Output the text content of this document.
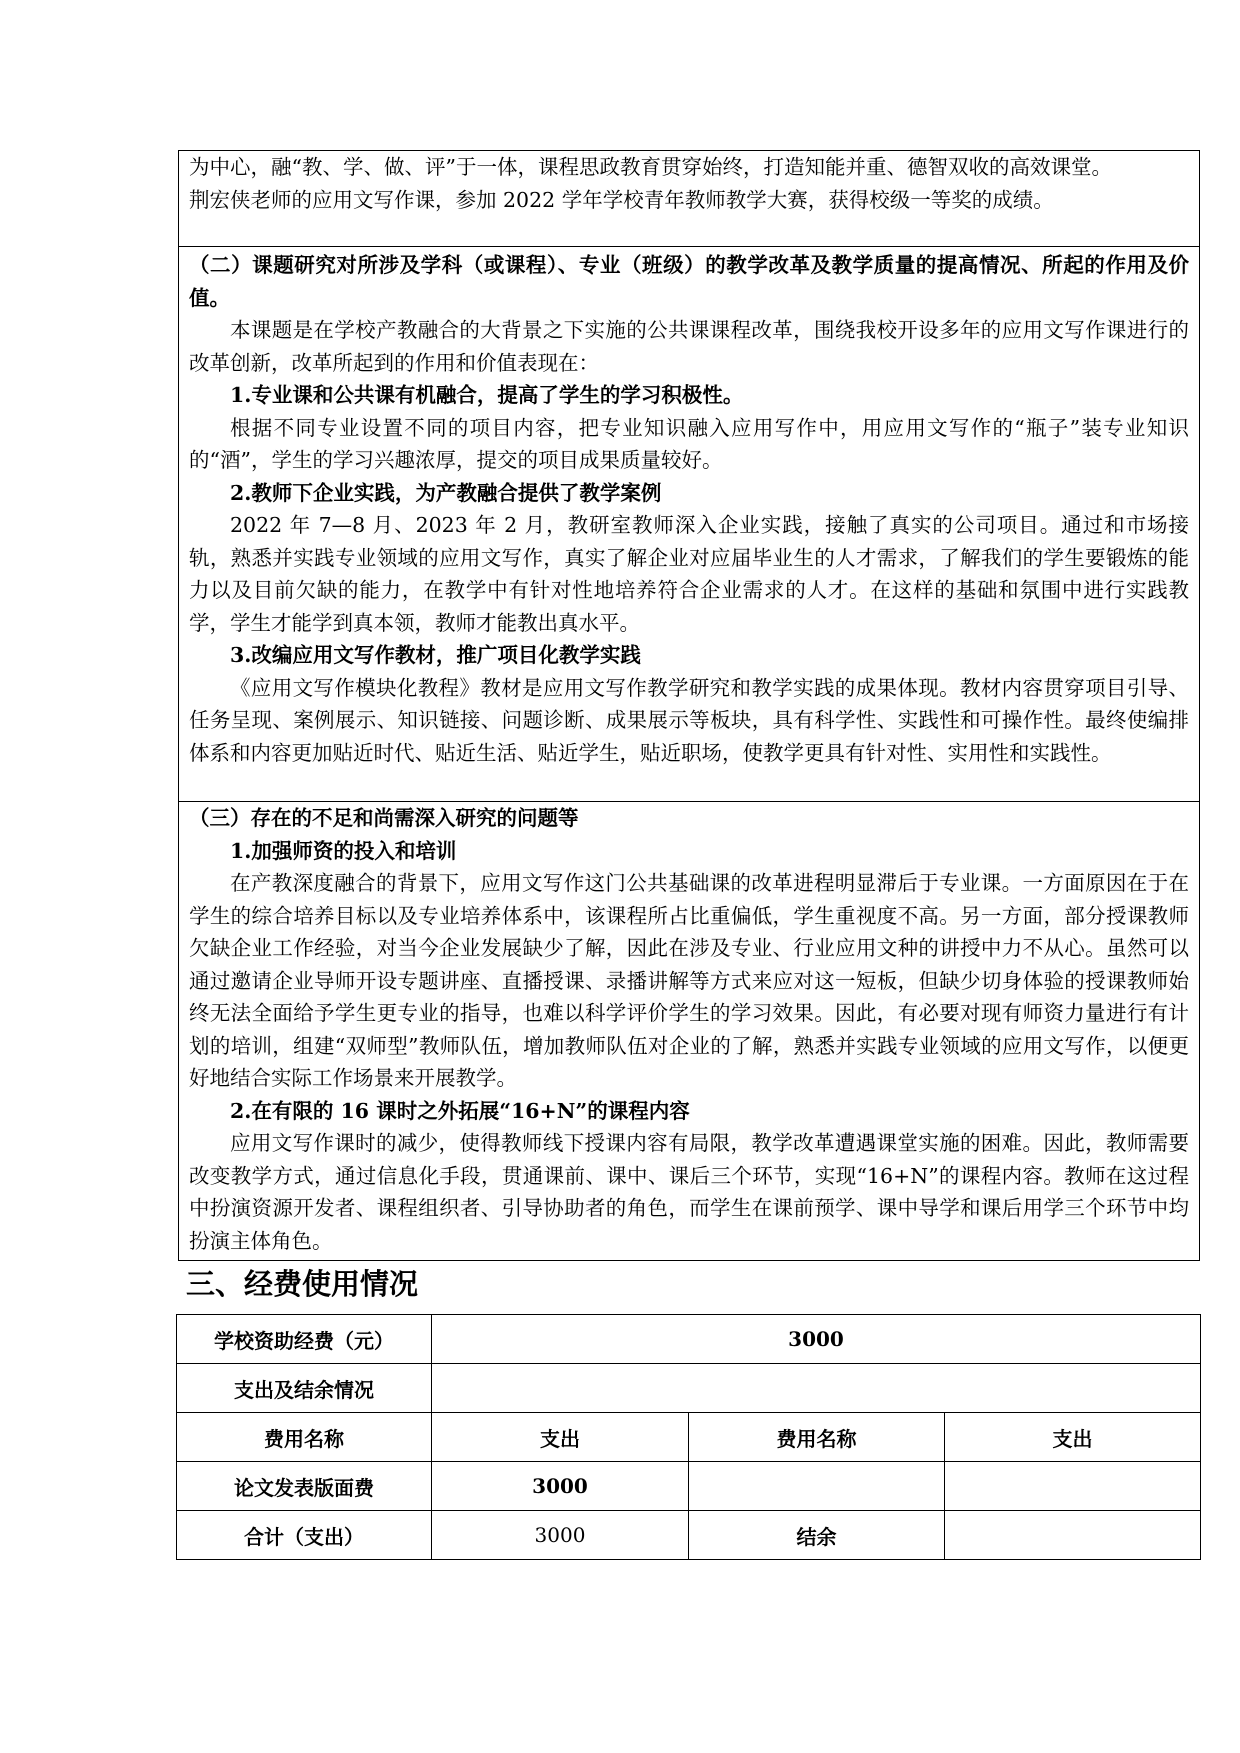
为中心，融“教、学、做、评”于一体，课程思政教育贯穿始终，打造知能并重、德智双收的高效课堂。

荆宏侠老师的应用文写作课，参加 2022 学年学校青年教师教学大赛，获得校级一等奖的成绩。

（二）课题研究对所涉及学科（或课程）、专业（班级）的教学改革及教学质量的提高情况、所起的作用及价值。

本课题是在学校产教融合的大背景之下实施的公共课课程改革，围绕我校开设多年的应用文写作课进行的改革创新，改革所起到的作用和价值表现在：

1.专业课和公共课有机融合，提高了学生的学习积极性。

根据不同专业设置不同的项目内容，把专业知识融入应用写作中，用应用文写作的“瓶子”装专业知识的“酒”，学生的学习兴趣浓厚，提交的项目成果质量较好。

2.教师下企业实践，为产教融合提供了教学案例

2022 年 7—8 月、2023 年 2 月，教研室教师深入企业实践，接触了真实的公司项目。通过和市场接轨，熟悉并实践专业领域的应用文写作，真实了解企业对应届毕业生的人才需求，了解我们的学生要锻炼的能力以及目前欠缺的能力，在教学中有针对性地培养符合企业需求的人才。在这样的基础和氛围中进行实践教学，学生才能学到真本领，教师才能教出真水平。

3.改编应用文写作教材，推广项目化教学实践

《应用文写作模块化教程》教材是应用文写作教学研究和教学实践的成果体现。教材内容贯穿项目引导、任务呈现、案例展示、知识链接、问题诊断、成果展示等板块，具有科学性、实践性和可操作性。最终使编排体系和内容更加贴近时代、贴近生活、贴近学生，贴近职场，使教学更具有针对性、实用性和实践性。

（三）存在的不足和尚需深入研究的问题等

1.加强师资的投入和培训

在产教深度融合的背景下，应用文写作这门公共基础课的改革进程明显滞后于专业课。一方面原因在于在学生的综合培养目标以及专业培养体系中，该课程所占比重偏低，学生重视度不高。另一方面，部分授课教师欠缺企业工作经验，对当今企业发展缺少了解，因此在涉及专业、行业应用文种的讲授中力不从心。虽然可以通过邀请企业导师开设专题讲座、直播授课、录播讲解等方式来应对这一短板，但缺少切身体验的授课教师始终无法全面给予学生更专业的指导，也难以科学评价学生的学习效果。因此，有必要对现有师资力量进行有计划的培训，组建“双师型”教师队伍，增加教师队伍对企业的了解，熟悉并实践专业领域的应用文写作，以便更好地结合实际工作场景来开展教学。

2.在有限的 16 课时之外拓展“16+N”的课程内容

应用文写作课时的减少，使得教师线下授课内容有局限，教学改革遭遇课堂实施的困难。因此，教师需要改变教学方式，通过信息化手段，贯通课前、课中、课后三个环节，实现“16+N”的课程内容。教师在这过程中扮演资源开发者、课程组织者、引导协助者的角色，而学生在课前预学、课中导学和课后用学三个环节中均扮演主体角色。

三、经费使用情况
学校资助经费（元）	3000		
支出及结余情况			
费用名称	支出	费用名称	支出
论文发表版面费	3000		
合计（支出）	3000	结余	
